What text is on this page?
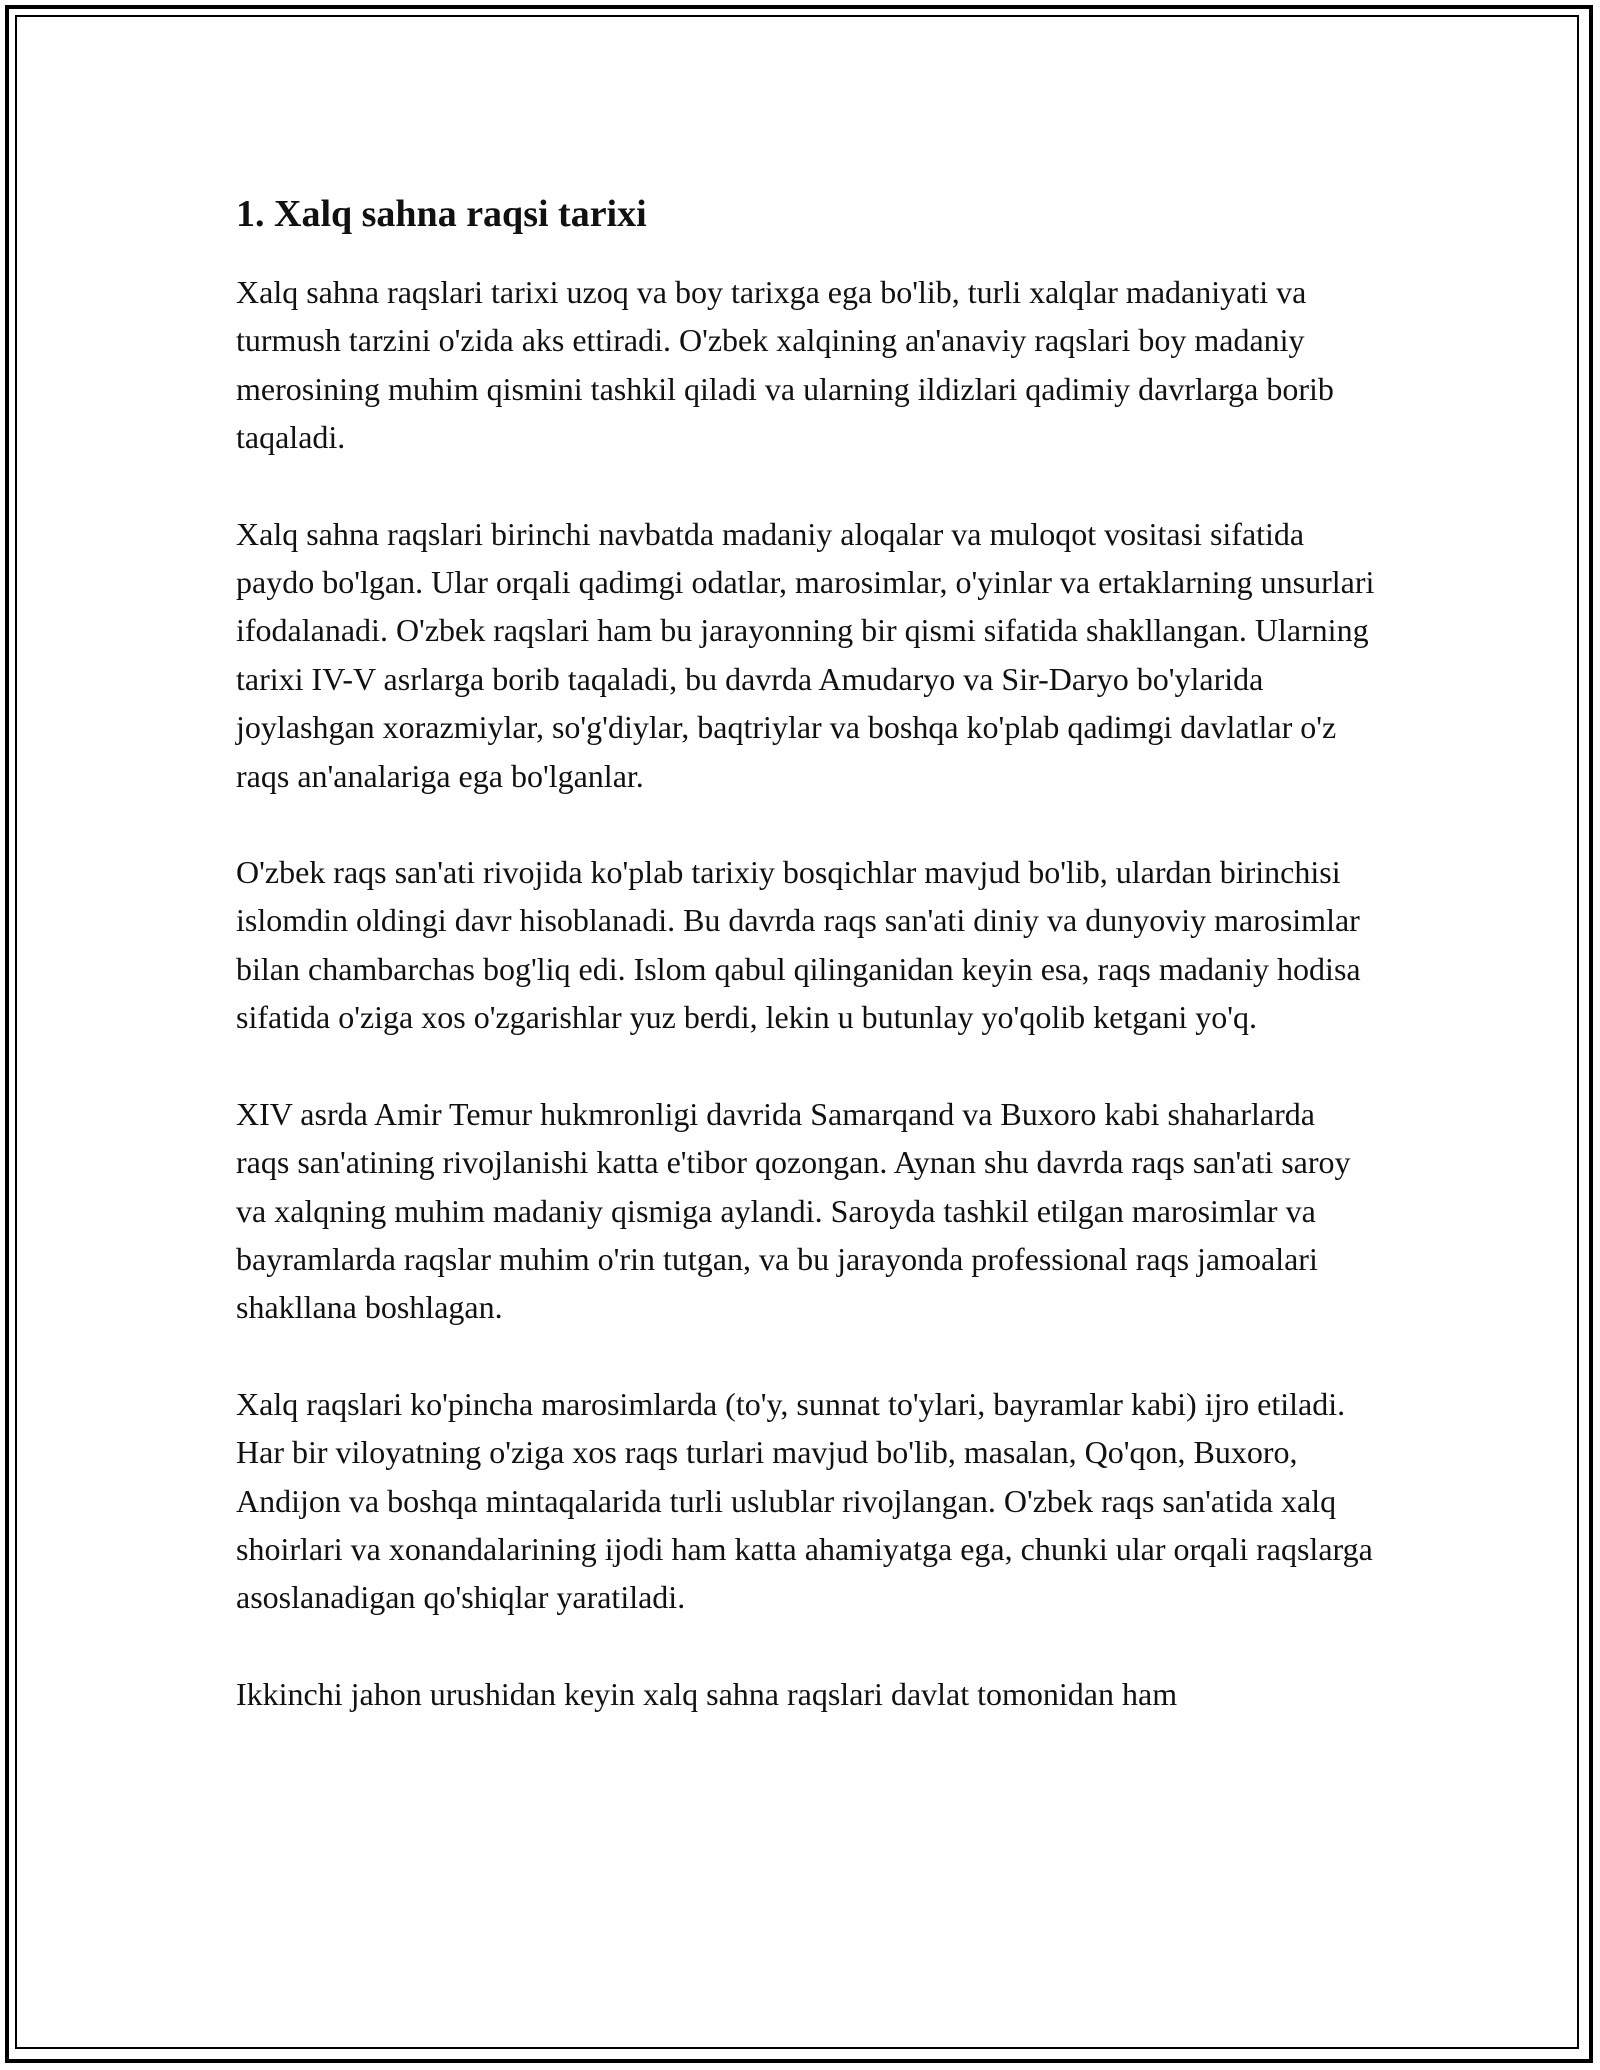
1. Xalq sahna raqsi tarixi

Xalq sahna raqslari tarixi uzoq va boy tarixga ega bo'lib, turli xalqlar madaniyati va turmush tarzini o'zida aks ettiradi. O'zbek xalqining an'anaviy raqslari boy madaniy merosining muhim qismini tashkil qiladi va ularning ildizlari qadimiy davrlarga borib taqaladi.

Xalq sahna raqslari birinchi navbatda madaniy aloqalar va muloqot vositasi sifatida paydo bo'lgan. Ular orqali qadimgi odatlar, marosimlar, o'yinlar va ertaklarning unsurlari ifodalanadi. O'zbek raqslari ham bu jarayonning bir qismi sifatida shakllangan. Ularning tarixi IV-V asrlarga borib taqaladi, bu davrda Amudaryo va Sir-Daryo bo'ylarida joylashgan xorazmiylar, so'g'diylar, baqtriylar va boshqa ko'plab qadimgi davlatlar o'z raqs an'analariga ega bo'lganlar.

O'zbek raqs san'ati rivojida ko'plab tarixiy bosqichlar mavjud bo'lib, ulardan birinchisi islomdin oldingi davr hisoblanadi. Bu davrda raqs san'ati diniy va dunyoviy marosimlar bilan chambarchas bog'liq edi. Islom qabul qilinganidan keyin esa, raqs madaniy hodisa sifatida o'ziga xos o'zgarishlar yuz berdi, lekin u butunlay yo'qolib ketgani yo'q.

XIV asrda Amir Temur hukmronligi davrida Samarqand va Buxoro kabi shaharlarda raqs san'atining rivojlanishi katta e'tibor qozongan. Aynan shu davrda raqs san'ati saroy va xalqning muhim madaniy qismiga aylandi. Saroyda tashkil etilgan marosimlar va bayramlarda raqslar muhim o'rin tutgan, va bu jarayonda professional raqs jamoalari shakllana boshlagan.

Xalq raqslari ko'pincha marosimlarda (to'y, sunnat to'ylari, bayramlar kabi) ijro etiladi. Har bir viloyatning o'ziga xos raqs turlari mavjud bo'lib, masalan, Qo'qon, Buxoro, Andijon va boshqa mintaqalarida turli uslublar rivojlangan. O'zbek raqs san'atida xalq shoirlari va xonandalarining ijodi ham katta ahamiyatga ega, chunki ular orqali raqslarga asoslanadigan qo'shiqlar yaratiladi.

Ikkinchi jahon urushidan keyin xalq sahna raqslari davlat tomonidan ham
